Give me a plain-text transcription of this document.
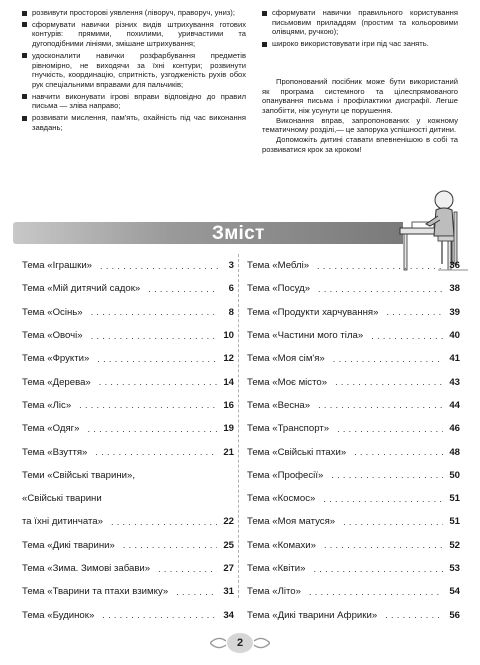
розвивути просторові уявлення (ліворуч, праворуч, униз);
сформувати навички різних видів штрихування готових контурів: прямими, похилими, уривчастими та дугоподібними лініями, змішане штрихування;
удосконалити навички розфарбування предметів рівномірно, не виходячи за їхні контури; розвинути гнучкість, координацію, спритність, узгодженість рухів обох рук спеціальними вправами для пальчиків;
навчити виконувати ігрові вправи відповідно до правил письма — зліва направо;
розвивати мислення, пам'ять, охайність під час виконання завдань;
сформувати навички правильного користування письмовим приладдям (простим та кольоровими олівцями, ручкою);
широко використовувати ігри під час занять.

Пропонований посібник може бути використаний як програма системного та цілеспрямованого опанування письма і профілактики дисграфії. Легше запобігти, ніж усунути це порушення.

Виконання вправ, запропонованих у кожному тематичному розділі,— це запорука успішності дитини.

Допоможіть дитині ставати впевненішою в собі та розвиватися крок за кроком!

Зміст
Тема «Іграшки» . . .	3
Тема «Мій дитячий садок» . . .	6
Тема «Осінь» . . .	8
Тема «Овочі» . . .	10
Тема «Фрукти» . . .	12
Тема «Дерева» . . .	14
Тема «Ліс» . . .	16
Тема «Одяг» . . .	19
Тема «Взуття» . . .	21
Теми «Свійські тварини»,
«Свійські тварини
та їхні дитинчата» . . .	22
Тема «Дикі тварини» . . .	25
Тема «Зима. Зимові забави» . . .	27
Тема «Тварини та птахи взимку» . . .	31
Тема «Будинок» . . .	34
Тема «Меблі» . . .	36
Тема «Посуд» . . .	38
Тема «Продукти харчування» . . .	39
Тема «Частини мого тіла» . . .	40
Тема «Моя сім'я» . . .	41
Тема «Моє місто» . . .	43
Тема «Весна» . . .	44
Тема «Транспорт» . . .	46
Тема «Свійські птахи» . . .	48
Тема «Професії» . . .	50
Тема «Космос» . . .	51
Тема «Моя матуся» . . .	51
Тема «Комахи» . . .	52
Тема «Квіти» . . .	53
Тема «Літо» . . .	54
Тема «Дикі тварини Африки» . . .	56
2
